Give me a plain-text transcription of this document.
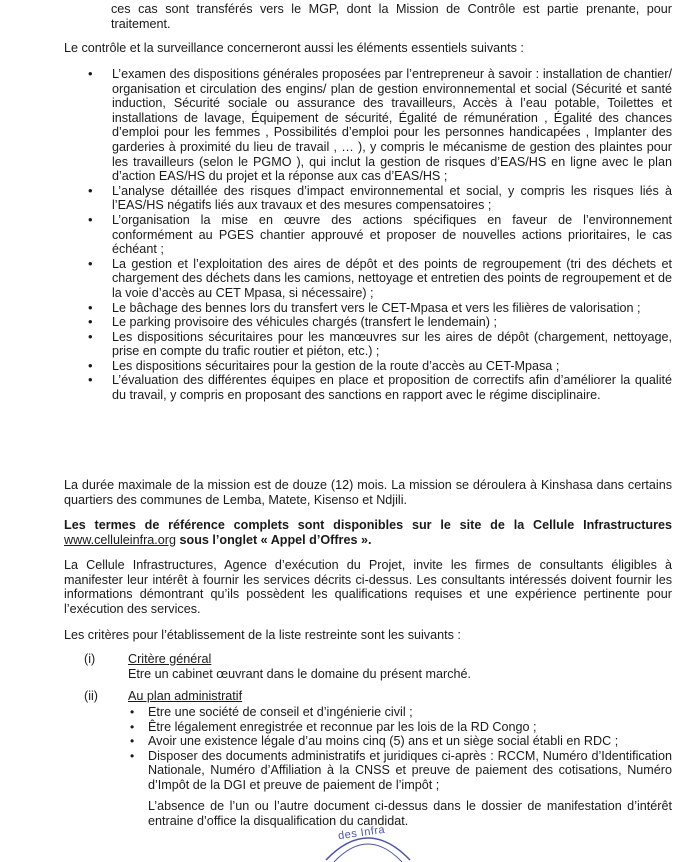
ces cas sont transférés vers le MGP, dont la Mission de Contrôle est partie prenante, pour traitement.

Le contrôle et la surveillance concerneront aussi les éléments essentiels suivants :

• L’examen des dispositions générales proposées par l’entrepreneur à savoir : installation de chantier/ organisation et circulation des engins/ plan de gestion environnemental et social (Sécurité et santé induction, Sécurité sociale ou assurance des travailleurs, Accès à l’eau potable, Toilettes et installations de lavage, Équipement de sécurité, Égalité de rémunération , Égalité des chances d’emploi pour les femmes , Possibilités d’emploi pour les personnes handicapées , Implanter des garderies à proximité du lieu de travail , … ), y compris le mécanisme de gestion des plaintes pour les travailleurs (selon le PGMO ), qui inclut la gestion de risques d’EAS/HS en ligne avec le plan d’action EAS/HS du projet et la réponse aux cas d’EAS/HS ;
• L’analyse détaillée des risques d’impact environnemental et social, y compris les risques liés à l’EAS/HS négatifs liés aux travaux et des mesures compensatoires ;
• L’organisation la mise en œuvre des actions spécifiques en faveur de l’environnement conformément au PGES chantier approuvé et proposer de nouvelles actions prioritaires, le cas échéant ;
• La gestion et l’exploitation des aires de dépôt et des points de regroupement (tri des déchets et chargement des déchets dans les camions, nettoyage et entretien des points de regroupement et de la voie d’accès au CET Mpasa, si nécessaire) ;
• Le bâchage des bennes lors du transfert vers le CET-Mpasa et vers les filières de valorisation ;
• Le parking provisoire des véhicules chargés (transfert le lendemain) ;
• Les dispositions sécuritaires pour les manœuvres sur les aires de dépôt (chargement, nettoyage, prise en compte du trafic routier et piéton, etc.) ;
• Les dispositions sécuritaires pour la gestion de la route d’accès au CET-Mpasa ;
• L’évaluation des différentes équipes en place et proposition de correctifs afin d’améliorer la qualité du travail, y compris en proposant des sanctions en rapport avec le régime disciplinaire.

La durée maximale de la mission est de douze (12) mois. La mission se déroulera à Kinshasa dans certains quartiers des communes de Lemba, Matete, Kisenso et Ndjili.

Les termes de référence complets sont disponibles sur le site de la Cellule Infrastructures www.celluleinfra.org sous l’onglet « Appel d’Offres ».

La Cellule Infrastructures, Agence d’exécution du Projet, invite les firmes de consultants éligibles à manifester leur intérêt à fournir les services décrits ci-dessus. Les consultants intéressés doivent fournir les informations démontrant qu’ils possèdent les qualifications requises et une expérience pertinente pour l’exécution des services.

Les critères pour l’établissement de la liste restreinte sont les suivants :

(i)	Critère général
Etre un cabinet œuvrant dans le domaine du présent marché.
(ii)	Au plan administratif
• Etre une société de conseil et d’ingénierie civil ;
• Être légalement enregistrée et reconnue par les lois de la RD Congo ;
• Avoir une existence légale d’au moins cinq (5) ans et un siège social établi en RDC ;
• Disposer des documents administratifs et juridiques ci-après : RCCM, Numéro d’Identification Nationale, Numéro d’Affiliation à la CNSS et preuve de paiement des cotisations, Numéro d’Impôt de la DGI et preuve de paiement de l’impôt ;

L’absence de l’un ou l’autre document ci-dessus dans le dossier de manifestation d’intérêt entraine d’office la disqualification du candidat.

des Infra
